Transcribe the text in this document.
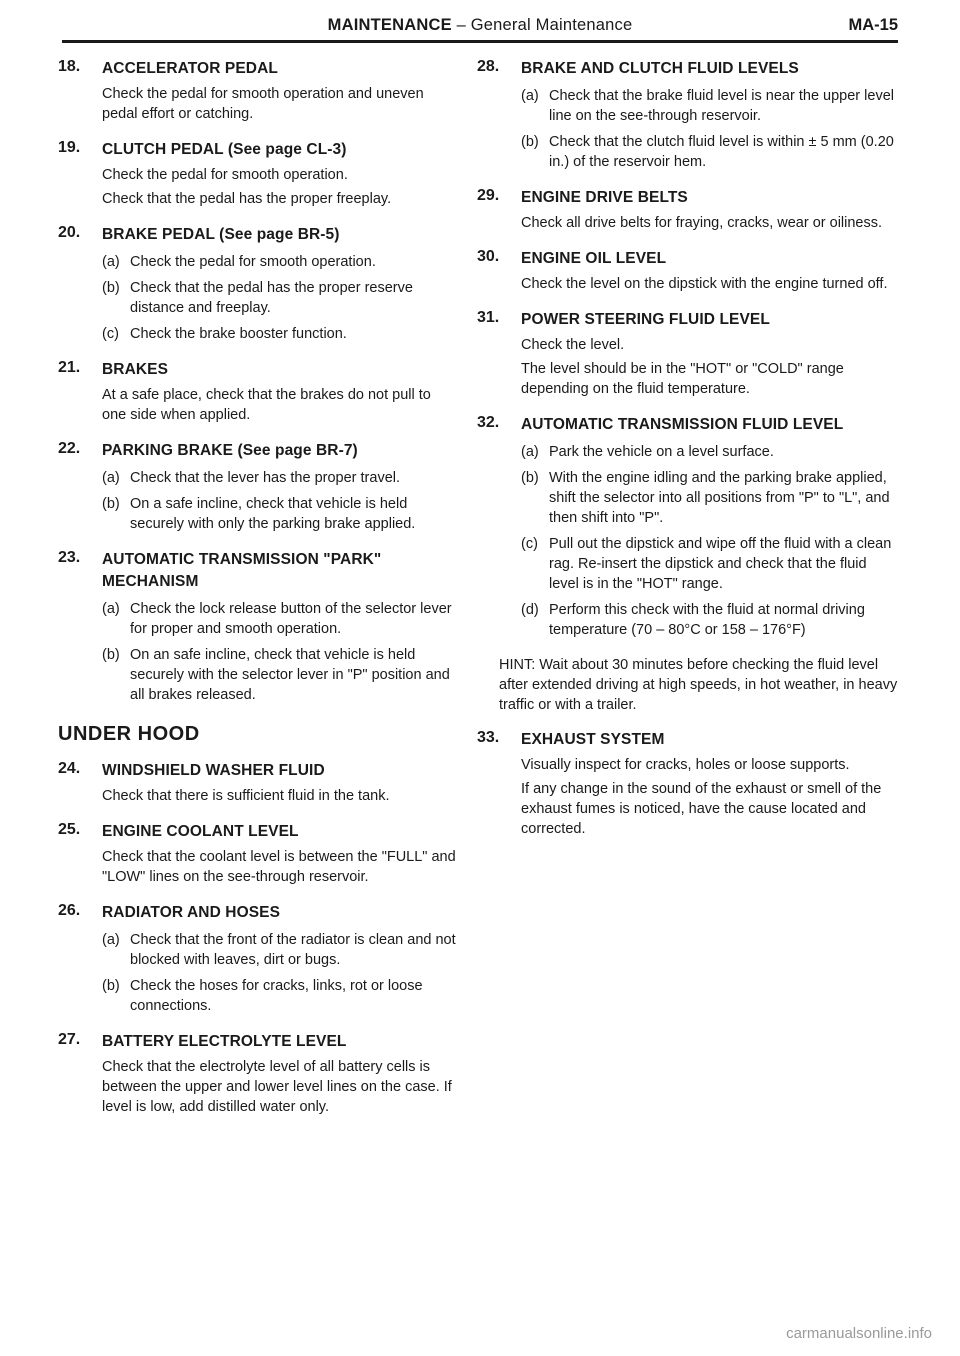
MAINTENANCE – General Maintenance	MA-15
18.	ACCELERATOR PEDAL
Check the pedal for smooth operation and uneven pedal effort or catching.
19.	CLUTCH PEDAL (See page CL-3)
Check the pedal for smooth operation.
Check that the pedal has the proper freeplay.
20.	BRAKE PEDAL (See page BR-5)
(a) Check the pedal for smooth operation.
(b) Check that the pedal has the proper reserve distance and freeplay.
(c) Check the brake booster function.
21.	BRAKES
At a safe place, check that the brakes do not pull to one side when applied.
22.	PARKING BRAKE (See page BR-7)
(a) Check that the lever has the proper travel.
(b) On a safe incline, check that vehicle is held securely with only the parking brake applied.
23.	AUTOMATIC TRANSMISSION "PARK" MECHANISM
(a) Check the lock release button of the selector lever for proper and smooth operation.
(b) On an safe incline, check that vehicle is held securely with the selector lever in "P" position and all brakes released.
UNDER HOOD
24.	WINDSHIELD WASHER FLUID
Check that there is sufficient fluid in the tank.
25.	ENGINE COOLANT LEVEL
Check that the coolant level is between the "FULL" and "LOW" lines on the see-through reservoir.
26.	RADIATOR AND HOSES
(a) Check that the front of the radiator is clean and not blocked with leaves, dirt or bugs.
(b) Check the hoses for cracks, links, rot or loose connections.
27.	BATTERY ELECTROLYTE LEVEL
Check that the electrolyte level of all battery cells is between the upper and lower level lines on the case. If level is low, add distilled water only.
28.	BRAKE AND CLUTCH FLUID LEVELS
(a) Check that the brake fluid level is near the upper level line on the see-through reservoir.
(b) Check that the clutch fluid level is within ± 5 mm (0.20 in.) of the reservoir hem.
29.	ENGINE DRIVE BELTS
Check all drive belts for fraying, cracks, wear or oiliness.
30.	ENGINE OIL LEVEL
Check the level on the dipstick with the engine turned off.
31.	POWER STEERING FLUID LEVEL
Check the level.
The level should be in the "HOT" or "COLD" range depending on the fluid temperature.
32.	AUTOMATIC TRANSMISSION FLUID LEVEL
(a) Park the vehicle on a level surface.
(b) With the engine idling and the parking brake applied, shift the selector into all positions from "P" to "L", and then shift into "P".
(c) Pull out the dipstick and wipe off the fluid with a clean rag. Re-insert the dipstick and check that the fluid level is in the "HOT" range.
(d) Perform this check with the fluid at normal driving temperature (70 – 80°C or 158 – 176°F)
HINT: Wait about 30 minutes before checking the fluid level after extended driving at high speeds, in hot weather, in heavy traffic or with a trailer.
33.	EXHAUST SYSTEM
Visually inspect for cracks, holes or loose supports.
If any change in the sound of the exhaust or smell of the exhaust fumes is noticed, have the cause located and corrected.
carmanualsonline.info
